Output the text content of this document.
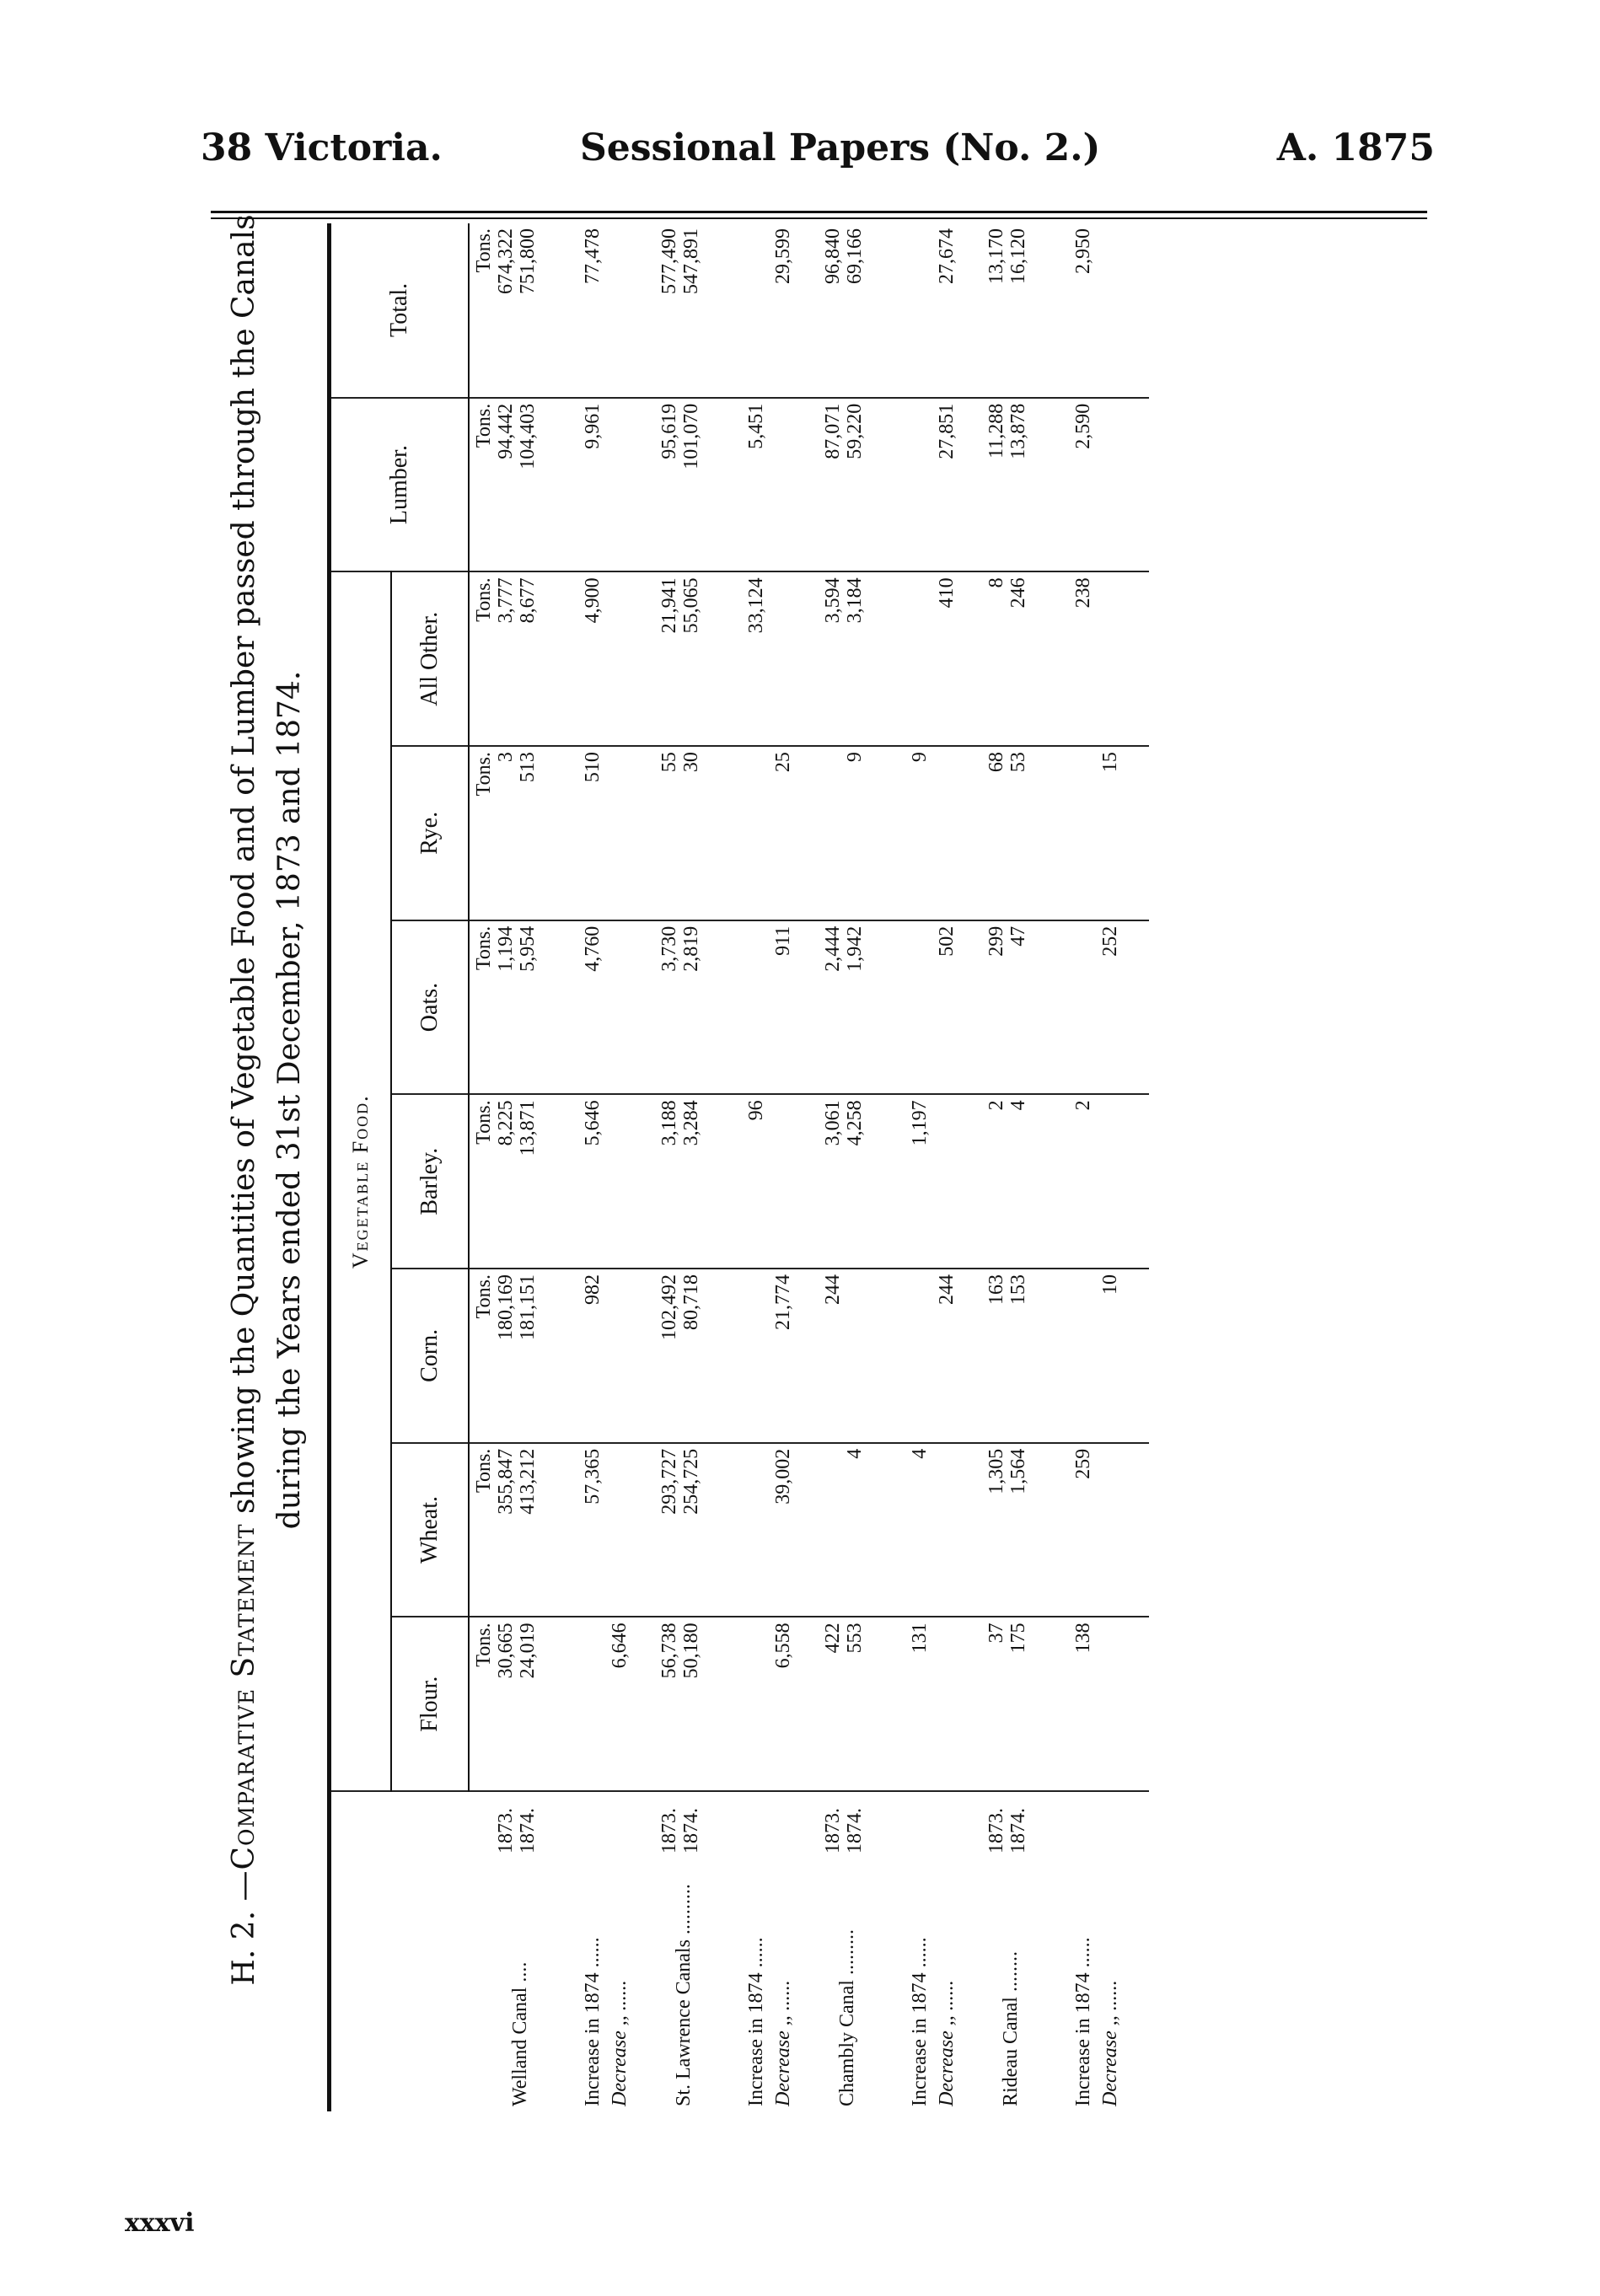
38 Victoria.	Sessional Papers (No. 2.)	A. 1875
H. 2. —Comparative Statement showing the Quantities of Vegetable Food and of Lumber passed through the Canals during the Years ended 31st December, 1873 and 1874.
		Vegetable Food.							Lumber.	Total.
		Flour.	Wheat.	Corn.	Barley.	Oats.	Rye.	All Other.		
		Tons.	Tons.	Tons.	Tons.	Tons.	Tons.	Tons.	Tons.	Tons.
Welland Canal ....	1873.	30,665	355,847	180,169	8,225	1,194	3	3,777	94,442	674,322
	1874.	24,019	413,212	181,151	13,871	5,954	513	8,677	104,403	751,800

Increase in 1874 ......			57,365	982	5,646	4,760	510	4,900	9,961	77,478
Decrease ,, ......		6,646								
St. Lawrence Canals ..........	1873.	56,738	293,727	102,492	3,188	3,730	55	21,941	95,619	577,490
	1874.	50,180	254,725	80,718	3,284	2,819	30	55,065	101,070	547,891

Increase in 1874 ......					96			33,124	5,451	
Decrease ,, ......		6,558	39,002	21,774		911	25			29,599
Chambly Canal .........	1873.	422		244	3,061	2,444		3,594	87,071	96,840
	1874.	553	4		4,258	1,942	9	3,184	59,220	69,166

Increase in 1874 ......		131	4		1,197		9			
Decrease ,, ......				244		502		410	27,851	27,674
Rideau Canal ........	1873.	37	1,305	163	2	299	68	8	11,288	13,170
	1874.	175	1,564	153	4	47	53	246	13,878	16,120

Increase in 1874 ......		138	259		2			238	2,590	2,950
Decrease ,, ......				10		252	15			
xxxvi
